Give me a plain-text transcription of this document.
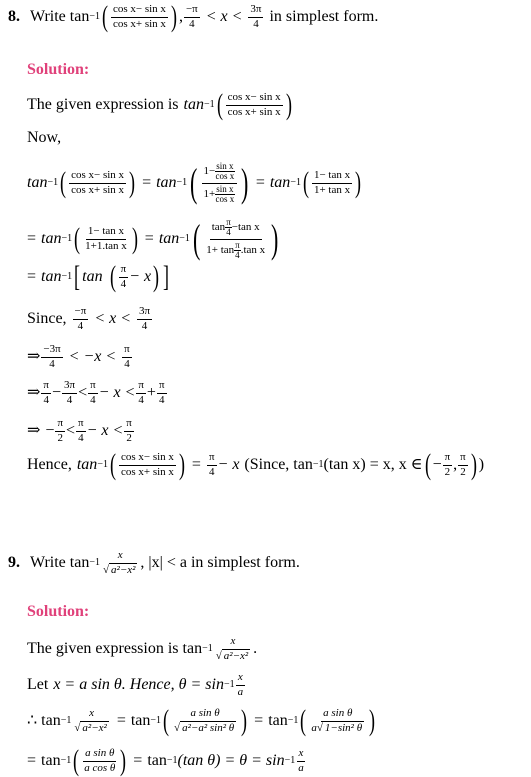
8. Write tan −1 ( $\frac{\text{cos x− sin x}}{\text{cos x+ sin x}}$ ) , $\frac{-\pi}{4} < x < \frac{3\pi}{4}$ in simplest form.
Solution:
The given expression is tan −1 ( $\frac{\text{cos x− sin x}}{\text{cos x+ sin x}}$ )
Now,
tan −1 ( $\frac{\text{cos x− sin x}}{\text{cos x+ sin x}}$ ) = tan −1 ( $\frac{1 - \frac{\text{sin x}}{\text{cos x}}}{1 + \frac{\text{sin x}}{\text{cos x}}}$ ) = tan −1 ( $\frac{\text{1− tan x}}{\text{1+ tan x}}$ )
= tan −1 ( $\frac{\text{1− tan x}}{\text{1+1.tan x}}$ ) = tan −1 ( tan π
4 −tan x
1+ tan π
4 .tan x )
= tan −1 [ tan ( $\frac{\pi}{4} - x$ ) ]
Since, $\frac{-\pi}{4} < x < \frac{3\pi}{4}$
⇒ $\frac{-3\pi}{4} < -x < \frac{\pi}{4}$
⇒ $\frac{\pi}{4} - \frac{3\pi}{4} < \frac{\pi}{4} - x < \frac{\pi}{4} + \frac{\pi}{4}$
⇒ − $\frac{\pi}{2} < \frac{\pi}{4} - x < \frac{\pi}{2}$
Hence, tan −1 ( $\frac{\text{cos x− sin x}}{\text{cos x+ sin x}}$ ) = $\frac{\pi}{4} - x$ (Since, tan −1 (tan x) = x, x ∈ ( − $\frac{\pi}{2}$ , $\frac{\pi}{2}$ ) )
9. Write $\tan -1 \frac{x}{\text{√ a²−x²}}$ , |x| < a in simplest form.
Solution:
The given expression is $\tan -1 \frac{x}{\text{√ a²−x²}}$ .
Let x = a sin θ. Hence, $\theta = \sin -1 \frac{x}{a}$
∴ $\tan -1 \frac{x}{\text{√ a²−x²}} = \tan -1$ ( $\frac{\text{a sin θ}}{\text{√ a²−a² sin² θ}}$ ) = tan −1 ( $\frac{\text{a sin θ}}{\text{a√ 1−sin² θ}}$ )
= tan −1 ( $\frac{\text{a sin θ}}{\text{a cos θ}}$ ) = tan −1 (tan $\theta) = \theta = \sin -1 \frac{x}{a}$
